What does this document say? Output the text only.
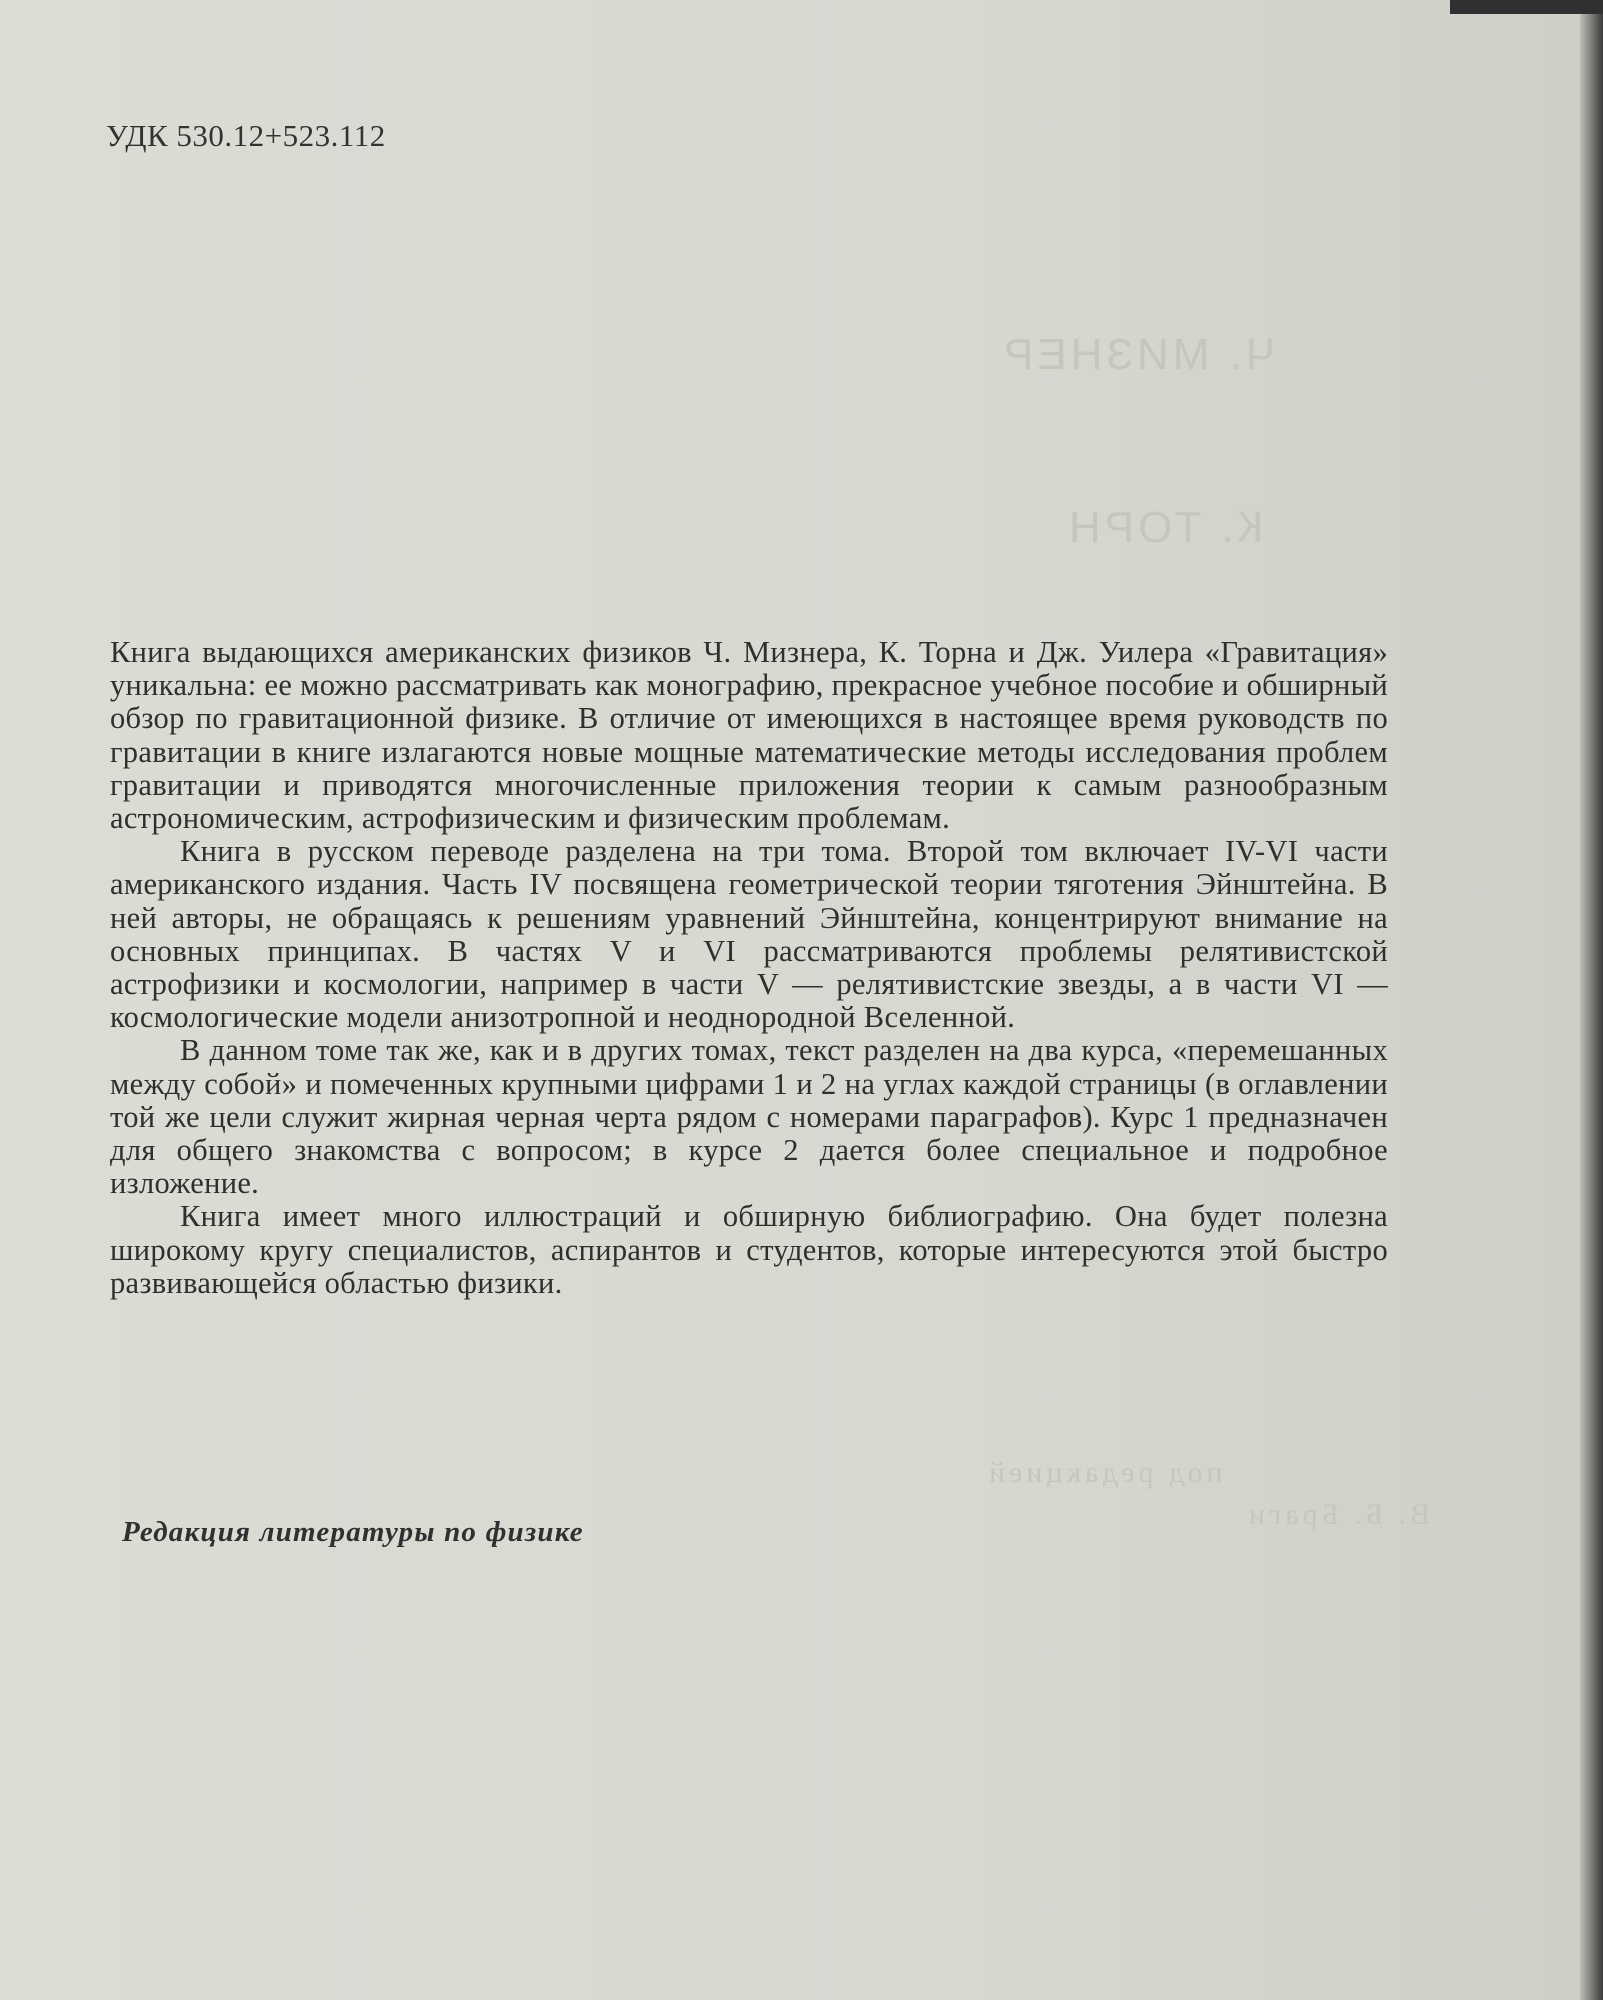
УДК 530.12+523.112
Ч. МИЗНЕР
К. ТОРН
под редакцией
В. Б. Браги

Книга выдающихся американских физиков Ч. Мизнера, К. Торна и Дж. Уилера «Гравитация» уникальна: ее можно рассматривать как монографию, прекрасное учебное пособие и обширный обзор по гравитационной физике. В отличие от имеющихся в настоящее время руководств по гравитации в книге излагаются новые мощные математические методы исследования проблем гравитации и приводятся многочисленные приложения теории к самым разнообразным астрономическим, астрофизическим и физическим проблемам.

Книга в русском переводе разделена на три тома. Второй том включает IV-VI части американского издания. Часть IV посвящена геометрической теории тяготения Эйнштейна. В ней авторы, не обращаясь к решениям уравнений Эйнштейна, концентрируют внимание на основных принципах. В частях V и VI рассматриваются проблемы релятивистской астрофизики и космологии, например в части V — релятивистские звезды, а в части VI — космологические модели анизотропной и неоднородной Вселенной.

В данном томе так же, как и в других томах, текст разделен на два курса, «перемешанных между собой» и помеченных крупными цифрами 1 и 2 на углах каждой страницы (в оглавлении той же цели служит жирная черная черта рядом с номерами параграфов). Курс 1 предназначен для общего знакомства с вопросом; в курсе 2 дается более специальное и подробное изложение.

Книга имеет много иллюстраций и обширную библиографию. Она будет полезна широкому кругу специалистов, аспирантов и студентов, которые интересуются этой быстро развивающейся областью физики.

Редакция литературы по физике
